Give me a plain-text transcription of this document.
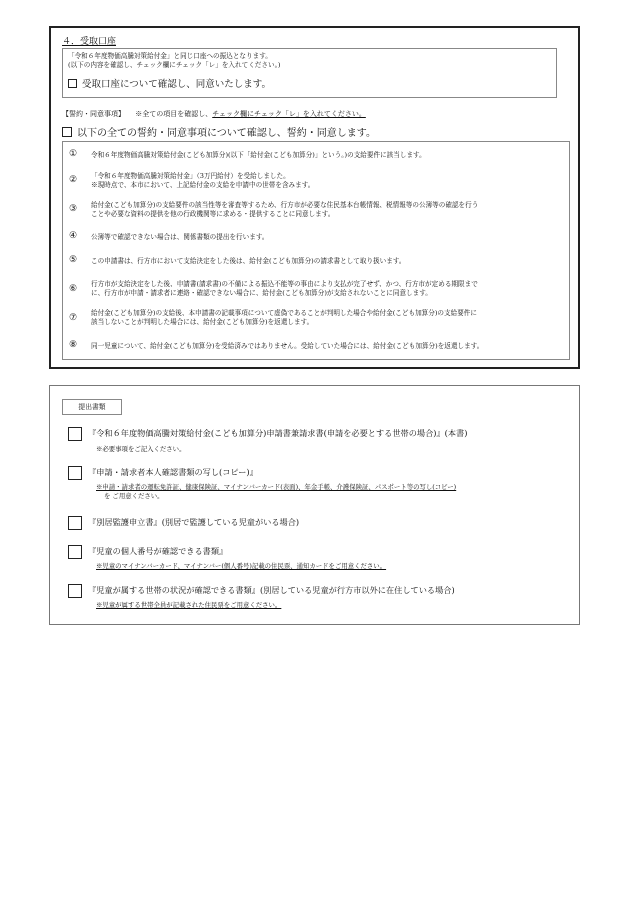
４．受取口座
「令和６年度物価高騰対策給付金」と同じ口座への振込となります。
(以下の内容を確認し、チェック欄にチェック「レ」を入れてください。)
受取口座について確認し、同意いたします。
【誓約・同意事項】 ※全ての項目を確認し、チェック欄にチェック「レ」を入れてください。
以下の全ての誓約・同意事項について確認し、誓約・同意します。
① 令和６年度物価高騰対策給付金(こども加算分)(以下「給付金(こども加算分)」という。)の支給要件に該当します。
② 「令和６年度物価高騰対策給付金」（3万円給付）を受給しました。
※現時点で、本市において、上記給付金の支給を申請中の世帯を含みます。
③ 給付金(こども加算分)の支給要件の該当性等を審査等するため、行方市が必要な住民基本台帳情報、税情報等の公簿等の確認を行う
ことや必要な資料の提供を他の行政機関等に求める・提供することに同意します。
④ 公簿等で確認できない場合は、関係書類の提出を行います。
⑤ この申請書は、行方市において支給決定をした後は、給付金(こども加算分)の請求書として取り扱います。
⑥ 行方市が支給決定をした後、申請書(請求書)の不備による振込不能等の事由により支払が完了せず、かつ、行方市が定める期限まで
に、行方市が申請・請求者に連絡・確認できない場合に、給付金(こども加算分)が支給されないことに同意します。
⑦ 給付金(こども加算分)の支給後、本申請書の記載事項について虚偽であることが判明した場合や給付金(こども加算分)の支給要件に
該当しないことが判明した場合には、給付金(こども加算分)を返還します。
⑧ 同一児童について、給付金(こども加算分)を受給済みではありません。受給していた場合には、給付金(こども加算分)を返還します。
提出書類
『令和６年度物価高騰対策給付金(こども加算分)申請書兼請求書(申請を必要とする世帯の場合)』(本書)
※必要事項をご記入ください。
『申請・請求者本人確認書類の写し(コピー)』
※申請・請求者の運転免許証、健康保険証、マイナンバーカード(表面)、年金手帳、介護保険証、パスポート等の写し(コピー)
を ご用意ください。
『別居監護申立書』(別居で監護している児童がいる場合)
『児童の個人番号が確認できる書類』
※児童のマイナンバーカード、マイナンバー(個人番号)記載の住民票、通知カードをご用意ください。
『児童が属する世帯の状況が確認できる書類』(別居している児童が行方市以外に在住している場合)
※児童が属する世帯全員が記載された住民票をご用意ください。
